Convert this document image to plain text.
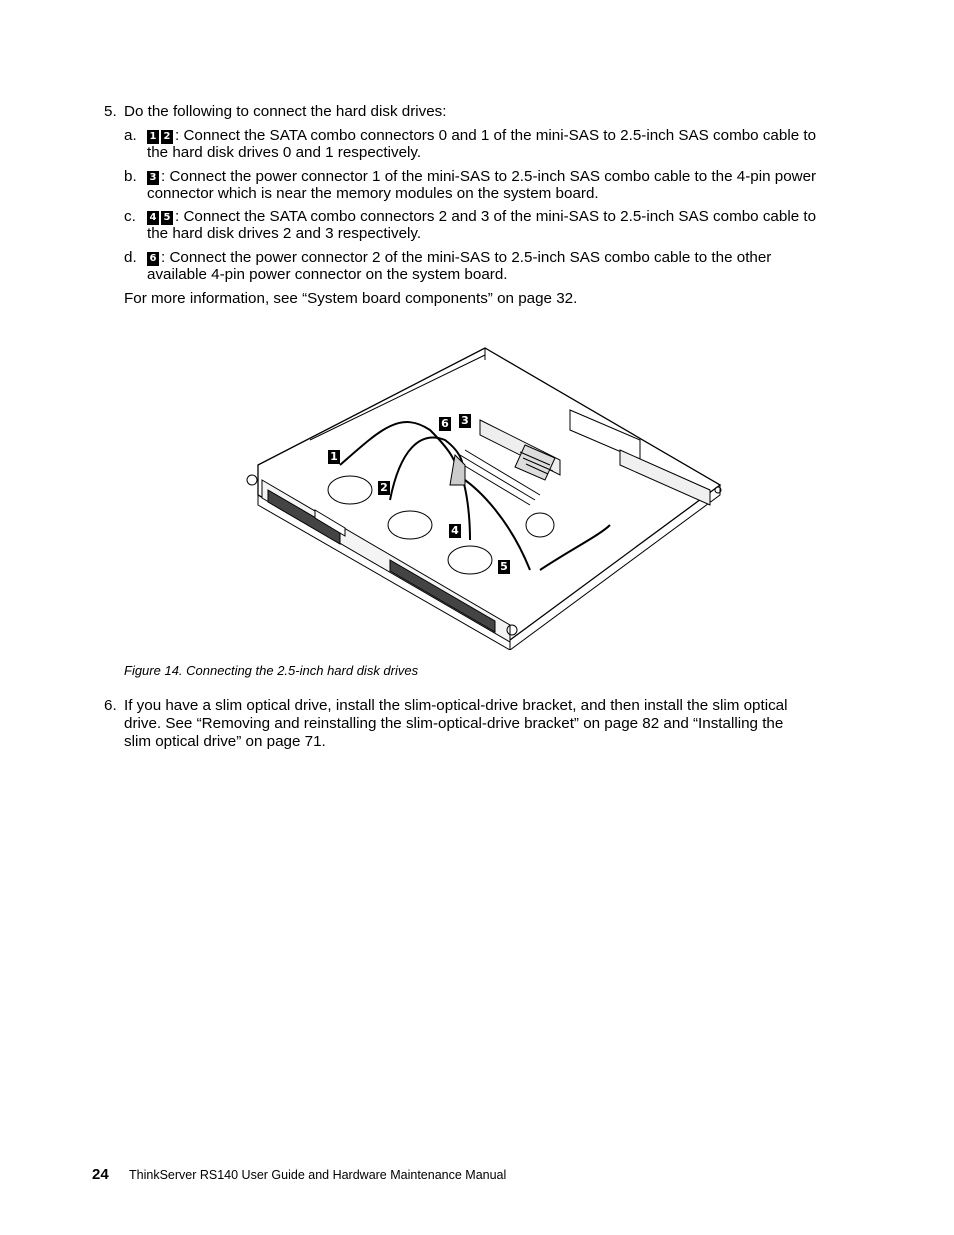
5. Do the following to connect the hard disk drives:
a. 1 2 : Connect the SATA combo connectors 0 and 1 of the mini-SAS to 2.5-inch SAS combo cable to
the hard disk drives 0 and 1 respectively.
b. 3 : Connect the power connector 1 of the mini-SAS to 2.5-inch SAS combo cable to the 4-pin power
connector which is near the memory modules on the system board.
c. 4 5 : Connect the SATA combo connectors 2 and 3 of the mini-SAS to 2.5-inch SAS combo cable to
the hard disk drives 2 and 3 respectively.
d. 6 : Connect the power connector 2 of the mini-SAS to 2.5-inch SAS combo cable to the other
available 4-pin power connector on the system board.
For more information, see “System board components” on page 32.
1
2
3
4
5
6
Figure 14. Connecting the 2.5-inch hard disk drives
6. If you have a slim optical drive, install the slim-optical-drive bracket, and then install the slim optical
drive. See “Removing and reinstalling the slim-optical-drive bracket” on page 82 and “Installing the
slim optical drive” on page 71.
24 ThinkServer RS140 User Guide and Hardware Maintenance Manual
